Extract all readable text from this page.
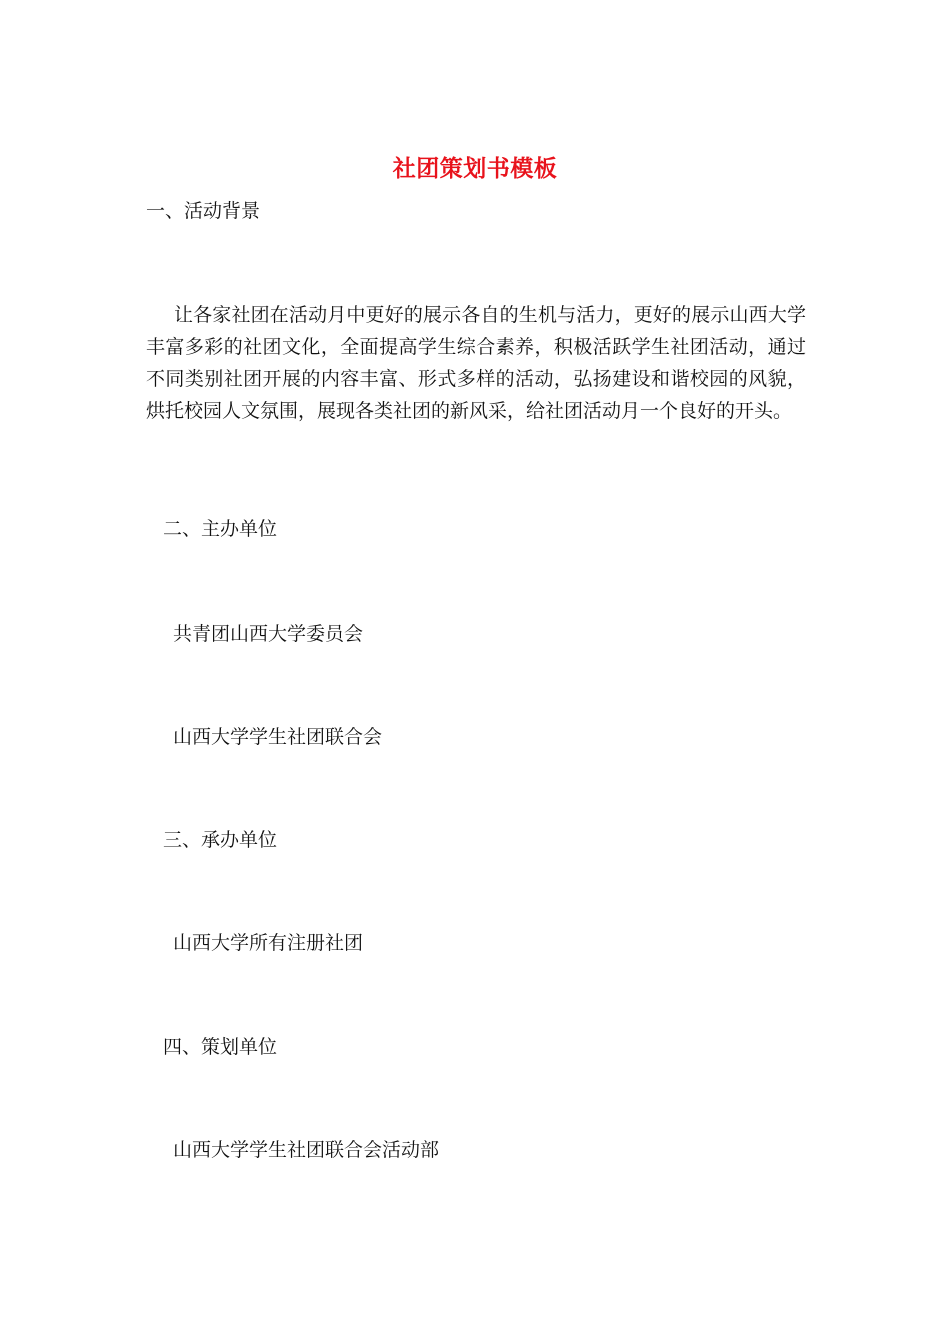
社团策划书模板
一、活动背景
让各家社团在活动月中更好的展示各自的生机与活力，更好的展示山西大学
丰富多彩的社团文化，全面提高学生综合素养，积极活跃学生社团活动，通过
不同类别社团开展的内容丰富、形式多样的活动，弘扬建设和谐校园的风貌，
烘托校园人文氛围，展现各类社团的新风采，给社团活动月一个良好的开头。
二、主办单位
共青团山西大学委员会
山西大学学生社团联合会
三、承办单位
山西大学所有注册社团
四、策划单位
山西大学学生社团联合会活动部
